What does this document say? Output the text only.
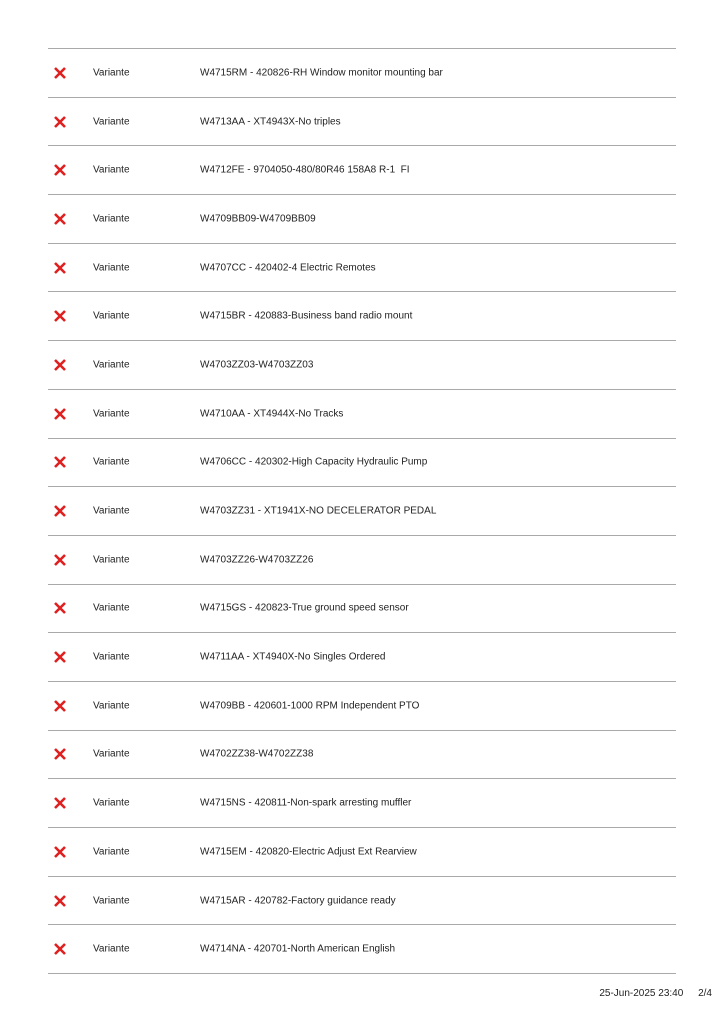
Variante	W4715RM - 420826-RH Window monitor mounting bar
Variante	W4713AA - XT4943X-No triples
Variante	W4712FE - 9704050-480/80R46 158A8 R-1  FI
Variante	W4709BB09-W4709BB09
Variante	W4707CC - 420402-4 Electric Remotes
Variante	W4715BR - 420883-Business band radio mount
Variante	W4703ZZ03-W4703ZZ03
Variante	W4710AA - XT4944X-No Tracks
Variante	W4706CC - 420302-High Capacity Hydraulic Pump
Variante	W4703ZZ31 - XT1941X-NO DECELERATOR PEDAL
Variante	W4703ZZ26-W4703ZZ26
Variante	W4715GS - 420823-True ground speed sensor
Variante	W4711AA - XT4940X-No Singles Ordered
Variante	W4709BB - 420601-1000 RPM Independent PTO
Variante	W4702ZZ38-W4702ZZ38
Variante	W4715NS - 420811-Non-spark arresting muffler
Variante	W4715EM - 420820-Electric Adjust Ext Rearview
Variante	W4715AR - 420782-Factory guidance ready
Variante	W4714NA - 420701-North American English
25-Jun-2025 23:40 2/4
